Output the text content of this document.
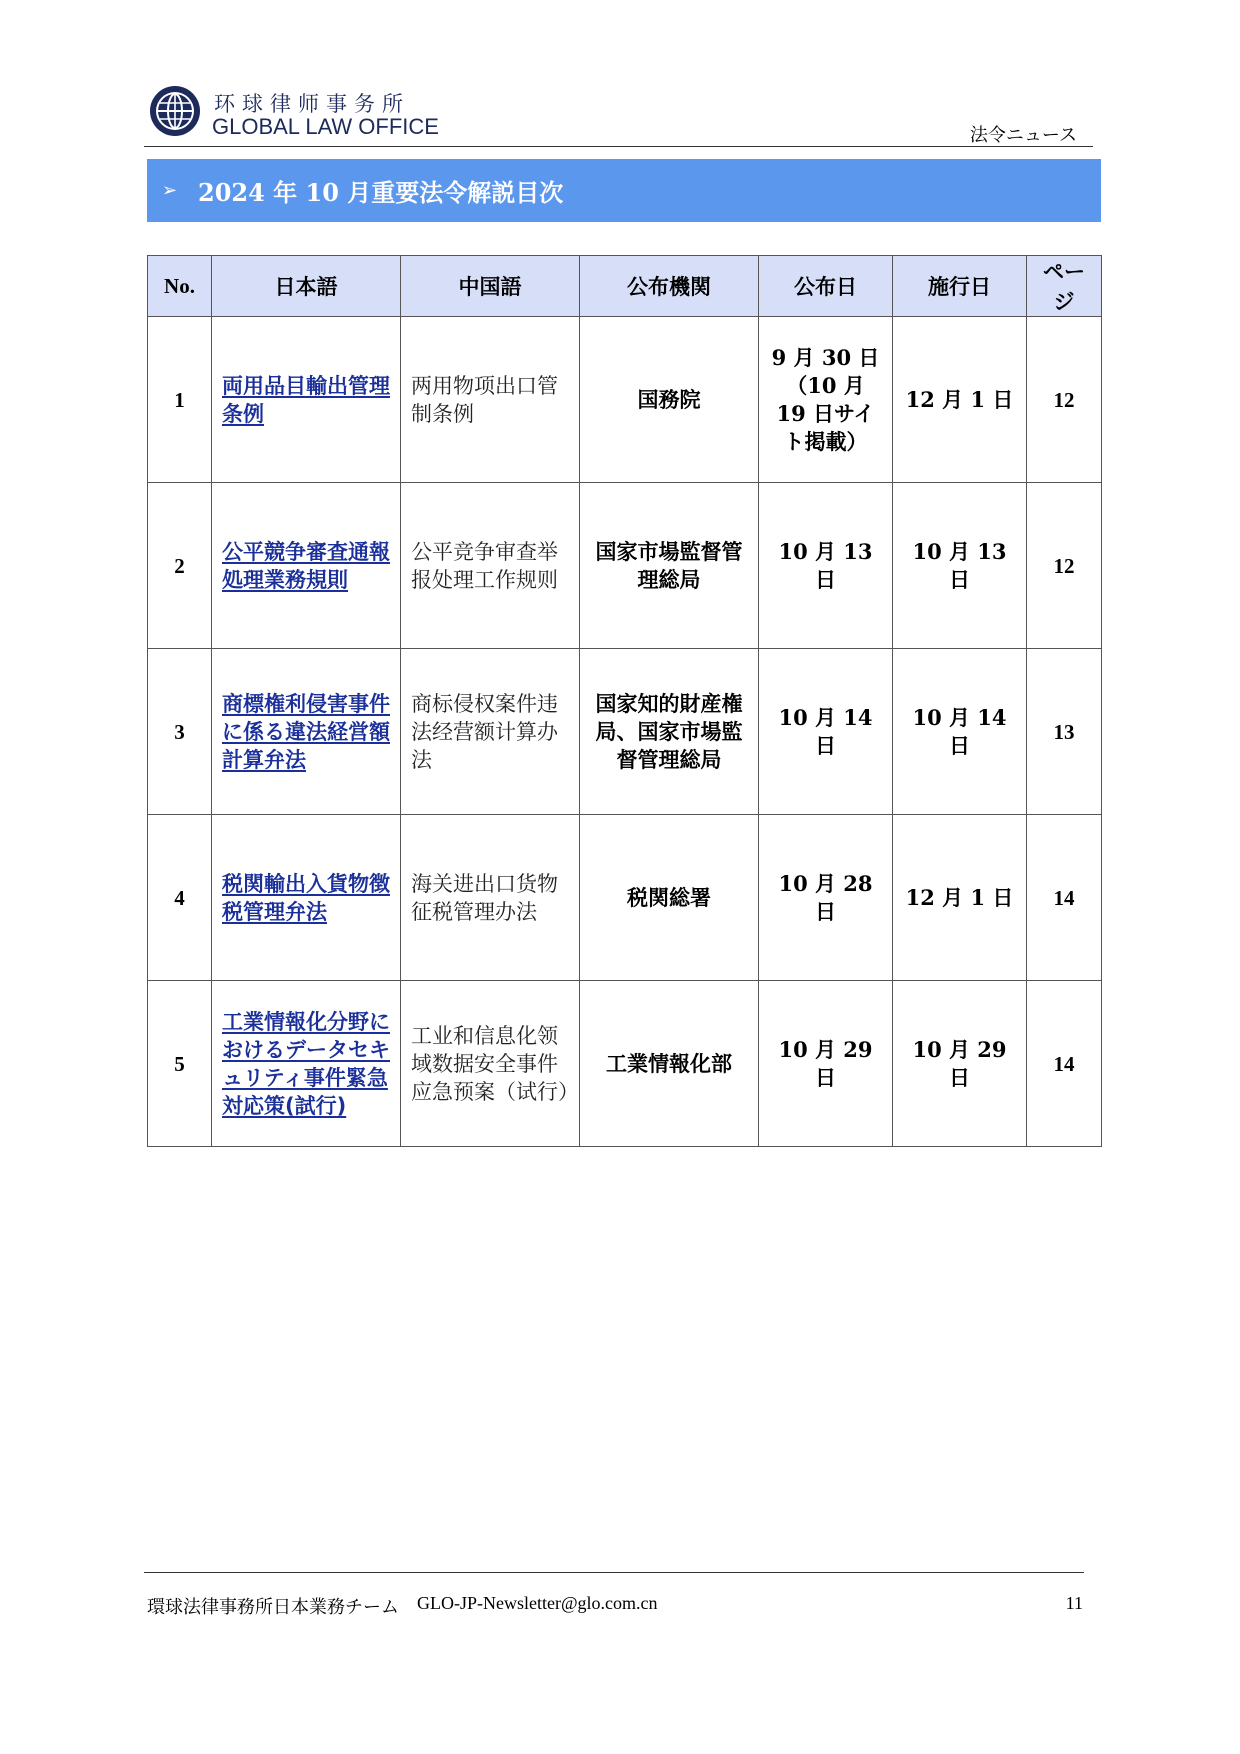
环球律师事务所
GLOBAL LAW OFFICE	法令ニュース
➢ 2024 年 10 月重要法令解説目次
No.	日本語	中国語	公布機関	公布日	施行日	ページ
1	両用品目輸出管理条例	两用物项出口管制条例	国務院	9 月 30 日（10 月 19 日サイト掲載）	12 月 1 日	12
2	公平競争審査通報処理業務規則	公平竞争审查举报处理工作规则	国家市場監督管理総局	10 月 13 日	10 月 13 日	12
3	商標権利侵害事件に係る違法経営額計算弁法	商标侵权案件违法经营额计算办法	国家知的財産権局、国家市場監督管理総局	10 月 14 日	10 月 14 日	13
4	税関輸出入貨物徴税管理弁法	海关进出口货物征税管理办法	税関総署	10 月 28 日	12 月 1 日	14
5	工業情報化分野におけるデータセキュリティ事件緊急対応策(試行)	工业和信息化领域数据安全事件应急预案（试行）	工業情報化部	10 月 29 日	10 月 29 日	14
環球法律事務所日本業務チーム GLO-JP-Newsletter@glo.com.cn	11
